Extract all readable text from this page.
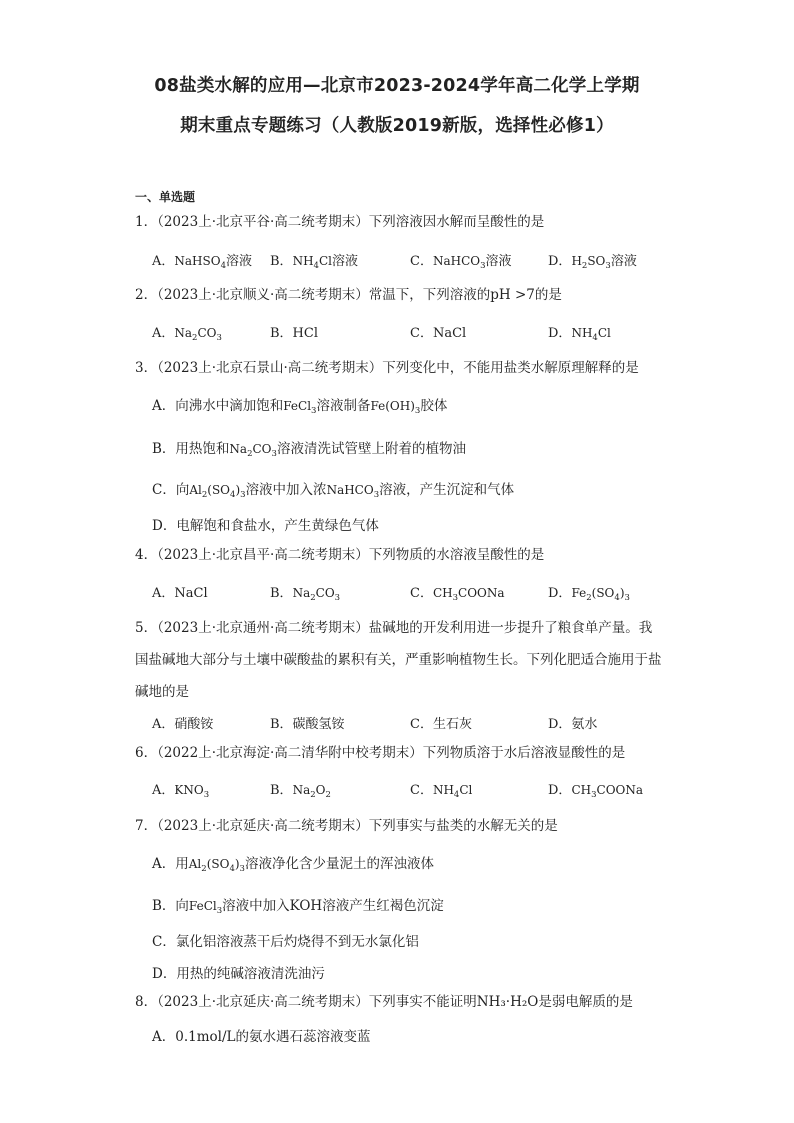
08盐类水解的应用—北京市2023-2024学年高二化学上学期
期末重点专题练习（人教版2019新版，选择性必修1）
一、单选题
1．（2023上·北京平谷·高二统考期末）下列溶液因水解而呈酸性的是
A．NaHSO$_4$溶液 B．$NH_4Cl$溶液	C．NaHCO$_3$溶液	D．$H_2SO_3$溶液
2．（2023上·北京顺义·高二统考期末）常温下，下列溶液的pH >7的是
A．$Na_2CO_3$	B．HCl	C．NaCl	D．$NH_4Cl$
3．（2023上·北京石景山·高二统考期末）下列变化中，不能用盐类水解原理解释的是
A．向沸水中滴加饱和FeCl$_3$溶液制备$Fe(OH)_3$胶体
B．用热饱和$Na_2CO_3$溶液清洗试管壁上附着的植物油
C．向$Al_2(SO_4)_3$溶液中加入浓NaHCO$_3$溶液，产生沉淀和气体
D．电解饱和食盐水，产生黄绿色气体
4．（2023上·北京昌平·高二统考期末）下列物质的水溶液呈酸性的是
A．NaCl	B．$Na_2CO_3$	C．$CH_3COONa$	D．$Fe_2(SO_4)_3$
5．（2023上·北京通州·高二统考期末）盐碱地的开发利用进一步提升了粮食单产量。我国盐碱地大部分与土壤中碳酸盐的累积有关，严重影响植物生长。下列化肥适合施用于盐碱地的是
A．硝酸铵	B．碳酸氢铵	C．生石灰	D．氨水
6．（2022上·北京海淀·高二清华附中校考期末）下列物质溶于水后溶液显酸性的是
A．$KNO_3$	B．$Na_2O_2$	C．$NH_4Cl$	D．$CH_3COONa$
7．（2023上·北京延庆·高二统考期末）下列事实与盐类的水解无关的是
A．用$Al_2(SO_4)_3$溶液净化含少量泥土的浑浊液体
B．向FeCl$_3$溶液中加入KOH溶液产生红褐色沉淀
C．氯化铝溶液蒸干后灼烧得不到无水氯化铝
D．用热的纯碱溶液清洗油污
8．（2023上·北京延庆·高二统考期末）下列事实不能证明NH₃·H₂O是弱电解质的是
A．0.1mol/L的氨水遇石蕊溶液变蓝
